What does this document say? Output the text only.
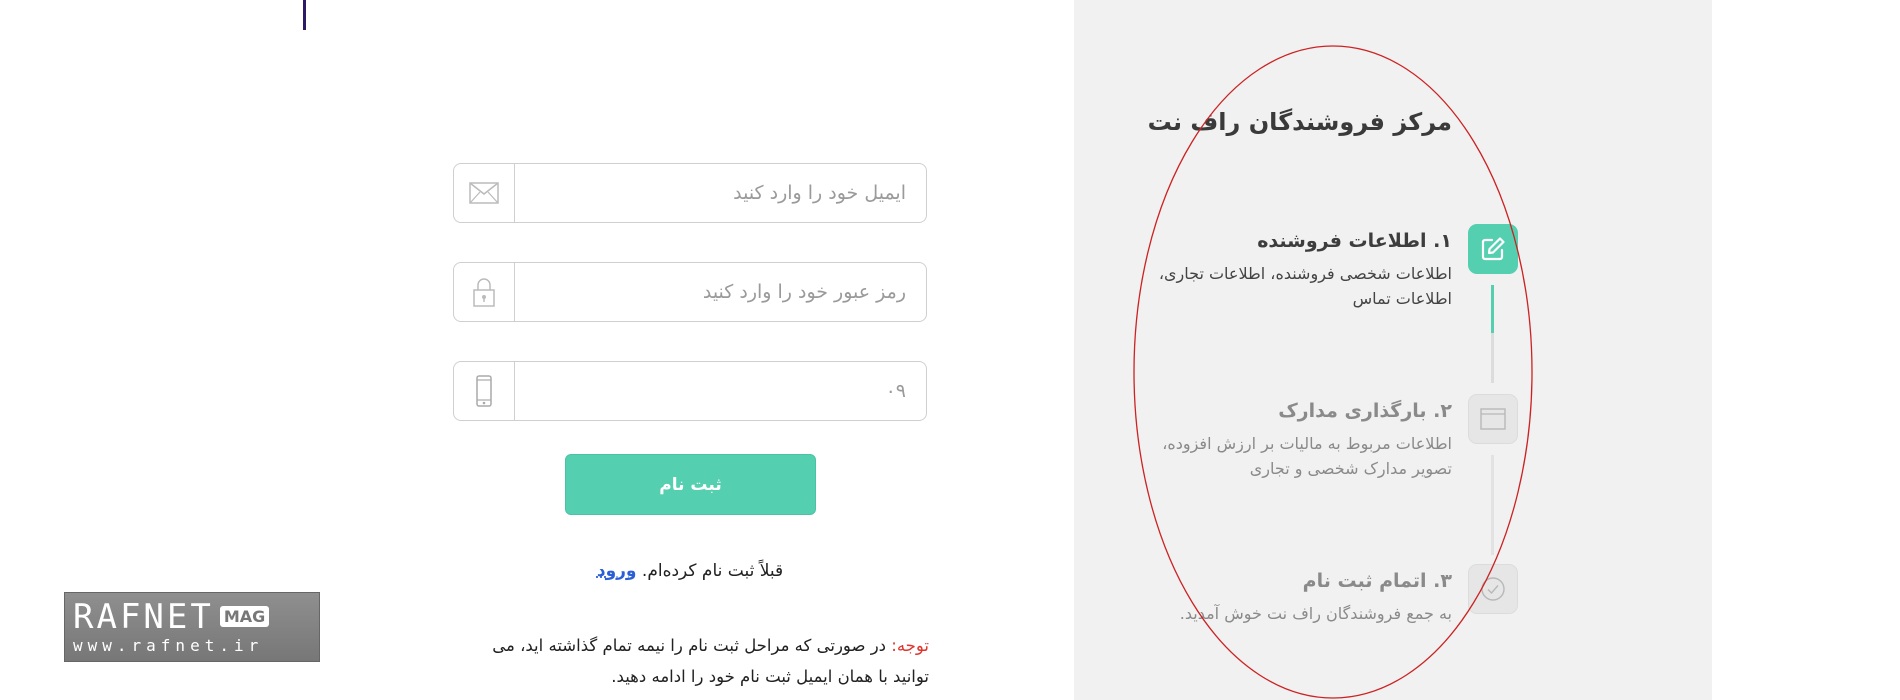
ایمیل خود را وارد کنید
۰۹
ثبت نام
قبلاً ثبت نام کرده‌ام. ورود
توجه: در صورتی که مراحل ثبت نام را نیمه تمام گذاشته اید، می توانید با همان ایمیل ثبت نام خود را ادامه دهید.
RAFNET MAG
www.rafnet.ir
مرکز فروشندگان راف نت
۱. اطلاعات فروشنده
اطلاعات شخصی فروشنده، اطلاعات تجاری، اطلاعات تماس
۲. بارگذاری مدارک
اطلاعات مربوط به مالیات بر ارزش افزوده، تصویر مدارک شخصی و تجاری
۳. اتمام ثبت نام
به جمع فروشندگان راف نت خوش آمدید.
